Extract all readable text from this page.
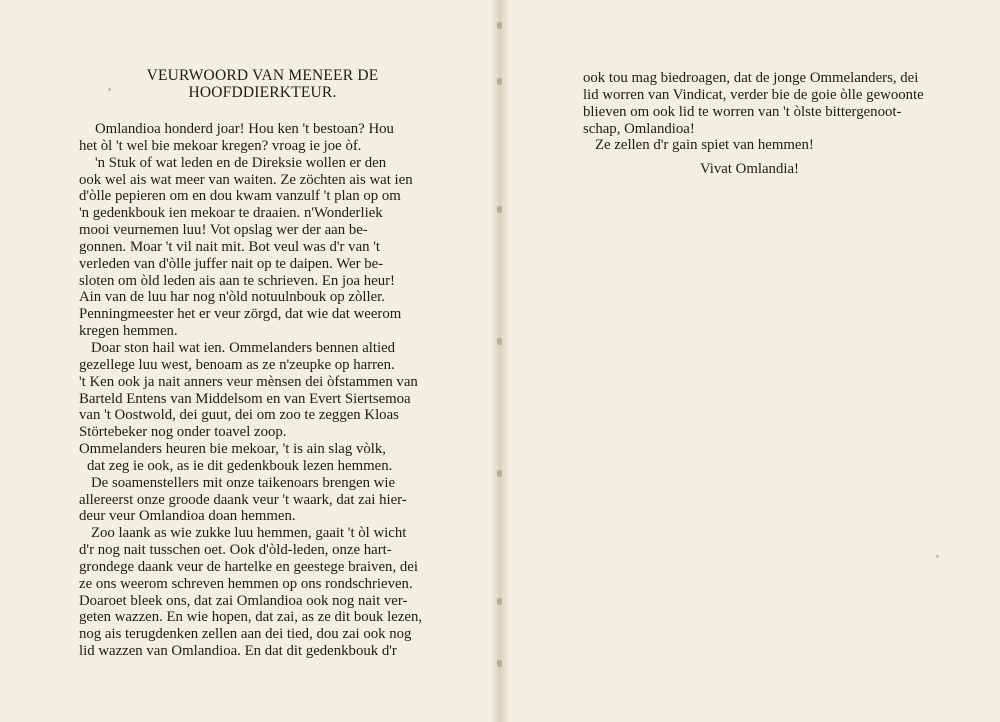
VEURWOORD VAN MENEER DE
HOOFDDIERKTEUR.
Omlandioa honderd joar! Hou ken 't bestoan? Hou
het òl 't wel bie mekoar kregen? vroag ie joe òf.
'n Stuk of wat leden en de Direksie wollen er den
ook wel ais wat meer van waiten. Ze zöchten ais wat ien
d'òlle pepieren om en dou kwam vanzulf 't plan op om
'n gedenkbouk ien mekoar te draaien. n'Wonderliek
mooi veurnemen luu! Vot opslag wer der aan be-
gonnen. Moar 't vil nait mit. Bot veul was d'r van 't
verleden van d'òlle juffer nait op te daipen. Wer be-
sloten om òld leden ais aan te schrieven. En joa heur!
Ain van de luu har nog n'òld notuulnbouk op zòller.
Penningmeester het er veur zörgd, dat wie dat weerom
kregen hemmen.
Doar ston hail wat ien. Ommelanders bennen altied
gezellege luu west, benoam as ze n'zeupke op harren.
't Ken ook ja nait anners veur mènsen dei òfstammen van
Barteld Entens van Middelsom en van Evert Siertsemoa
van 't Oostwold, dei guut, dei om zoo te zeggen Kloas
Störtebeker nog onder toavel zoop.
Ommelanders heuren bie mekoar, 't is ain slag vòlk,
dat zeg ie ook, as ie dit gedenkbouk lezen hemmen.
De soamenstellers mit onze taikenoars brengen wie
allereerst onze groode daank veur 't waark, dat zai hier-
deur veur Omlandioa doan hemmen.
Zoo laank as wie zukke luu hemmen, gaait 't òl wicht
d'r nog nait tusschen oet. Ook d'òld-leden, onze hart-
grondege daank veur de hartelke en geestege braiven, dei
ze ons weerom schreven hemmen op ons rondschrieven.
Doaroet bleek ons, dat zai Omlandioa ook nog nait ver-
geten wazzen. En wie hopen, dat zai, as ze dit bouk lezen,
nog ais terugdenken zellen aan dei tied, dou zai ook nog
lid wazzen van Omlandioa. En dat dit gedenkbouk d'r
ook tou mag biedroagen, dat de jonge Ommelanders, dei
lid worren van Vindicat, verder bie de goie òlle gewoonte
blieven om ook lid te worren van 't òlste bittergenoot-
schap, Omlandioa!
Ze zellen d'r gain spiet van hemmen!
Vivat Omlandia!
